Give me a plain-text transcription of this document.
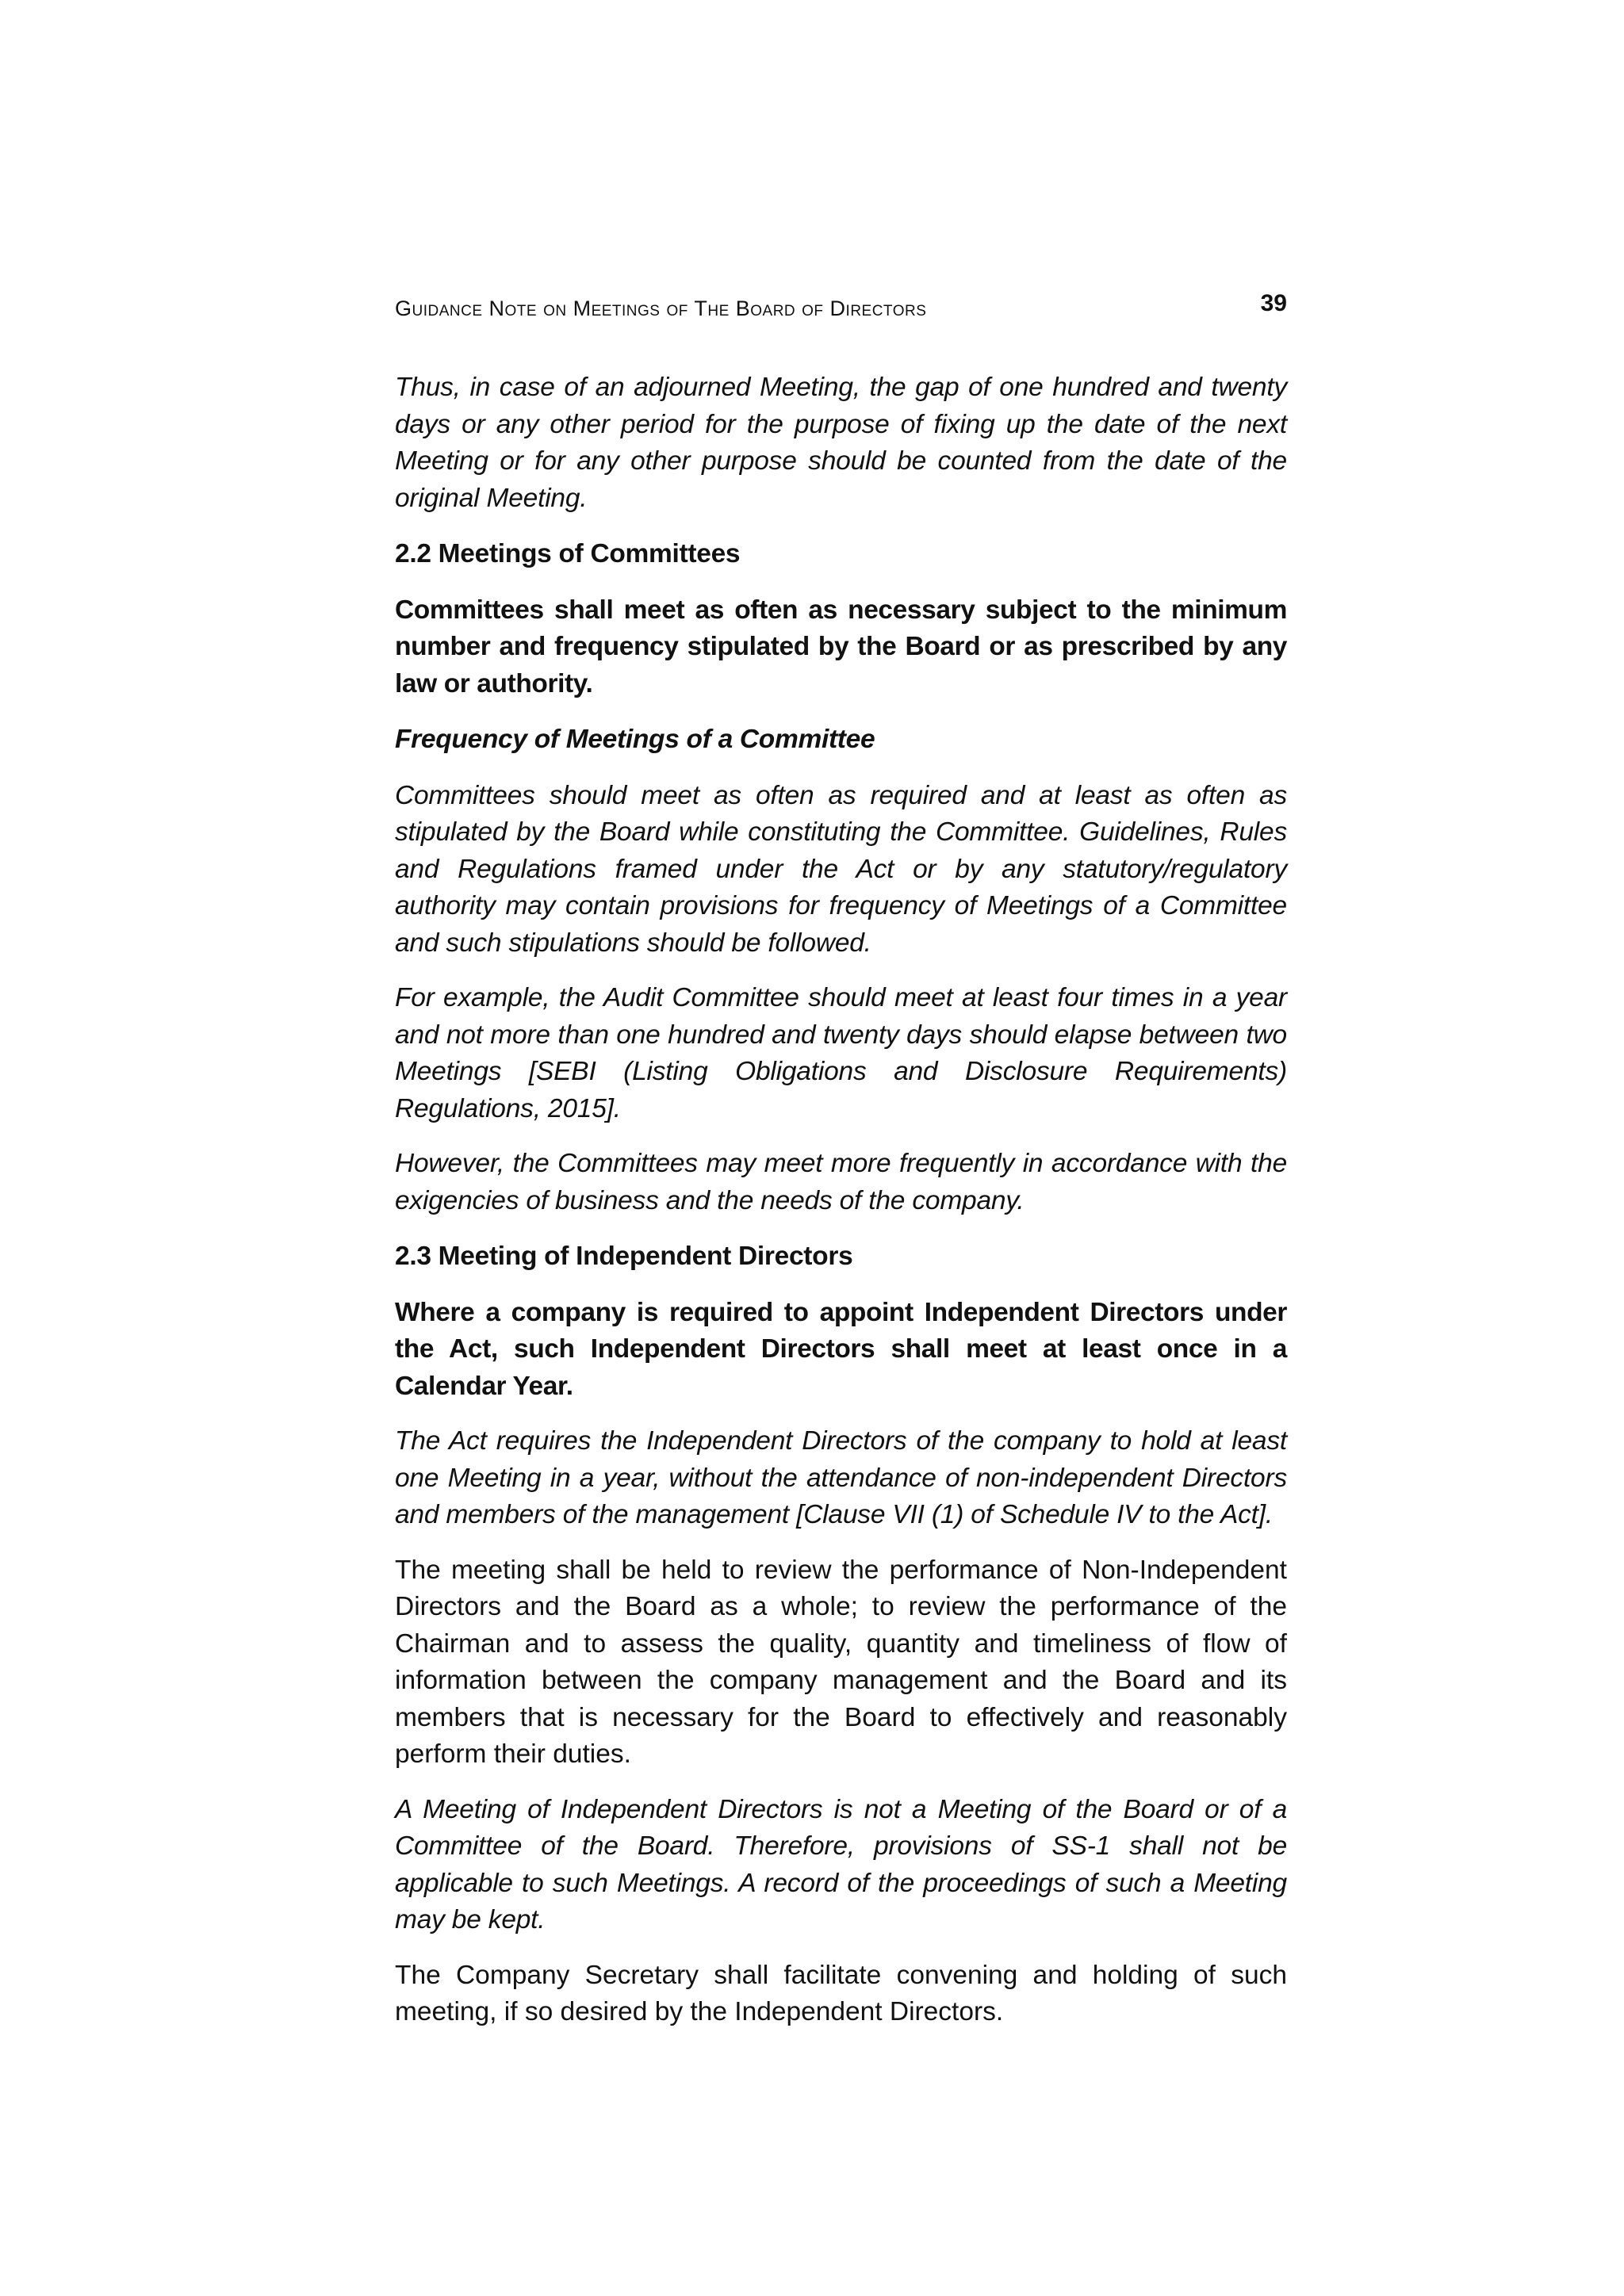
Guidance Note on Meetings of The Board of Directors	39

Thus, in case of an adjourned Meeting, the gap of one hundred and twenty days or any other period for the purpose of fixing up the date of the next Meeting or for any other purpose should be counted from the date of the original Meeting.

2.2 Meetings of Committees

Committees shall meet as often as necessary subject to the minimum number and frequency stipulated by the Board or as prescribed by any law or authority.

Frequency of Meetings of a Committee

Committees should meet as often as required and at least as often as stipulated by the Board while constituting the Committee. Guidelines, Rules and Regulations framed under the Act or by any statutory/regulatory authority may contain provisions for frequency of Meetings of a Committee and such stipulations should be followed.

For example, the Audit Committee should meet at least four times in a year and not more than one hundred and twenty days should elapse between two Meetings [SEBI (Listing Obligations and Disclosure Requirements) Regulations, 2015].

However, the Committees may meet more frequently in accordance with the exigencies of business and the needs of the company.

2.3 Meeting of Independent Directors

Where a company is required to appoint Independent Directors under the Act, such Independent Directors shall meet at least once in a Calendar Year.

The Act requires the Independent Directors of the company to hold at least one Meeting in a year, without the attendance of non-independent Directors and members of the management [Clause VII (1) of Schedule IV to the Act].

The meeting shall be held to review the performance of Non-Independent Directors and the Board as a whole; to review the performance of the Chairman and to assess the quality, quantity and timeliness of flow of information between the company management and the Board and its members that is necessary for the Board to effectively and reasonably perform their duties.

A Meeting of Independent Directors is not a Meeting of the Board or of a Committee of the Board. Therefore, provisions of SS-1 shall not be applicable to such Meetings. A record of the proceedings of such a Meeting may be kept.

The Company Secretary shall facilitate convening and holding of such meeting, if so desired by the Independent Directors.
